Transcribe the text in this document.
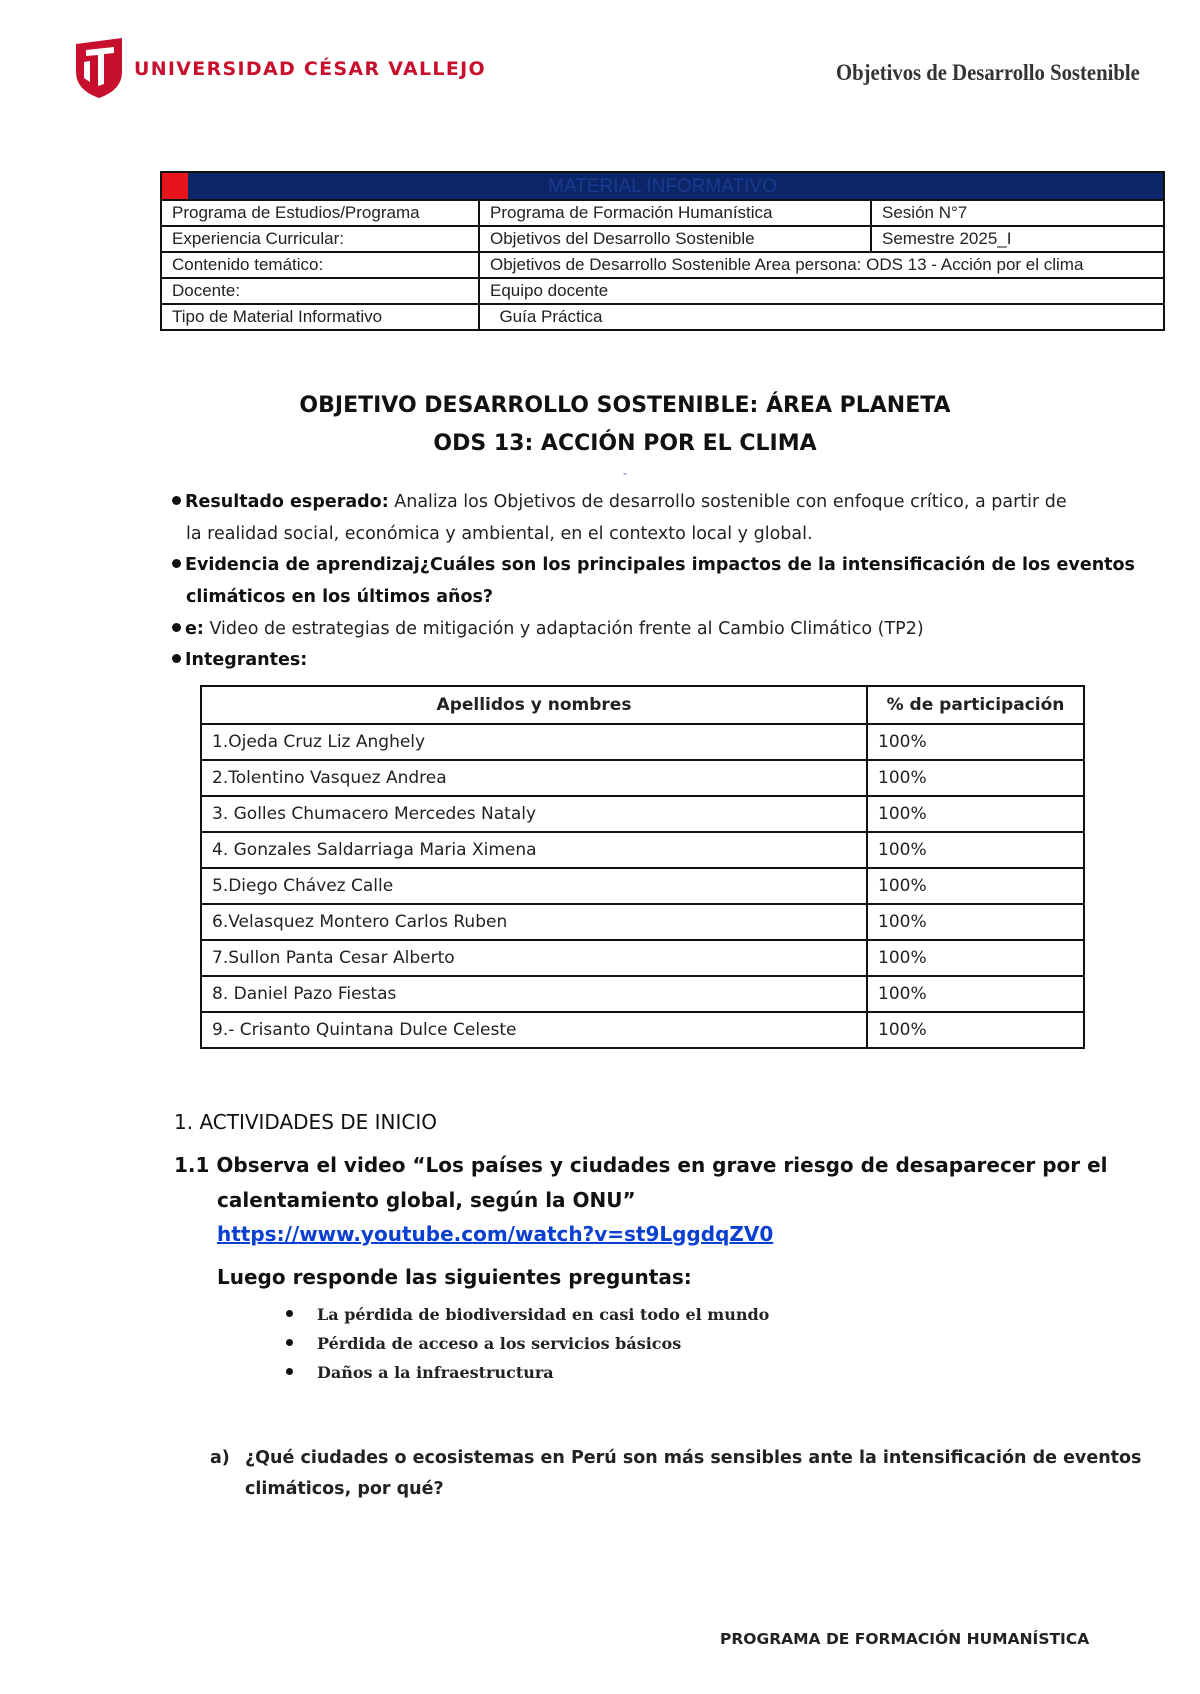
UNIVERSIDAD CÉSAR VALLEJO	Objetivos de Desarrollo Sostenible
MATERIAL INFORMATIVO		

Programa de Estudios/Programa	Programa de Formación Humanística	Sesión N°7
Experiencia Curricular:	Objetivos del Desarrollo Sostenible	Semestre 2025_I
Contenido temático:	Objetivos de Desarrollo Sostenible Area persona: ODS 13 - Acción por el clima	
Docente:	Equipo docente	
Tipo de Material Informativo	Guía Práctica	
OBJETIVO DESARROLLO SOSTENIBLE: ÁREA PLANETA
ODS 13: ACCIÓN POR EL CLIMA
-
Resultado esperado: Analiza los Objetivos de desarrollo sostenible con enfoque crítico, a partir de
la realidad social, económica y ambiental, en el contexto local y global.
Evidencia de aprendizaj¿Cuáles son los principales impactos de la intensificación de los eventos
climáticos en los últimos años?
e: Video de estrategias de mitigación y adaptación frente al Cambio Climático (TP2)
Integrantes:
Apellidos y nombres	% de participación
1.Ojeda Cruz Liz Anghely	100%
2.Tolentino Vasquez Andrea	100%
3. Golles Chumacero Mercedes Nataly	100%
4. Gonzales Saldarriaga Maria Ximena	100%
5.Diego Chávez Calle	100%
6.Velasquez Montero Carlos Ruben	100%
7.Sullon Panta Cesar Alberto	100%
8. Daniel Pazo Fiestas	100%
9.- Crisanto Quintana Dulce Celeste	100%
1. ACTIVIDADES DE INICIO
1.1 Observa el video “Los países y ciudades en grave riesgo de desaparecer por el
calentamiento global, según la ONU”
https://www.youtube.com/watch?v=st9LggdqZV0
Luego responde las siguientes preguntas:
La pérdida de biodiversidad en casi todo el mundo
Pérdida de acceso a los servicios básicos
Daños a la infraestructura
a) ¿Qué ciudades o ecosistemas en Perú son más sensibles ante la intensificación de eventos
climáticos, por qué?
PROGRAMA DE FORMACIÓN HUMANÍSTICA
